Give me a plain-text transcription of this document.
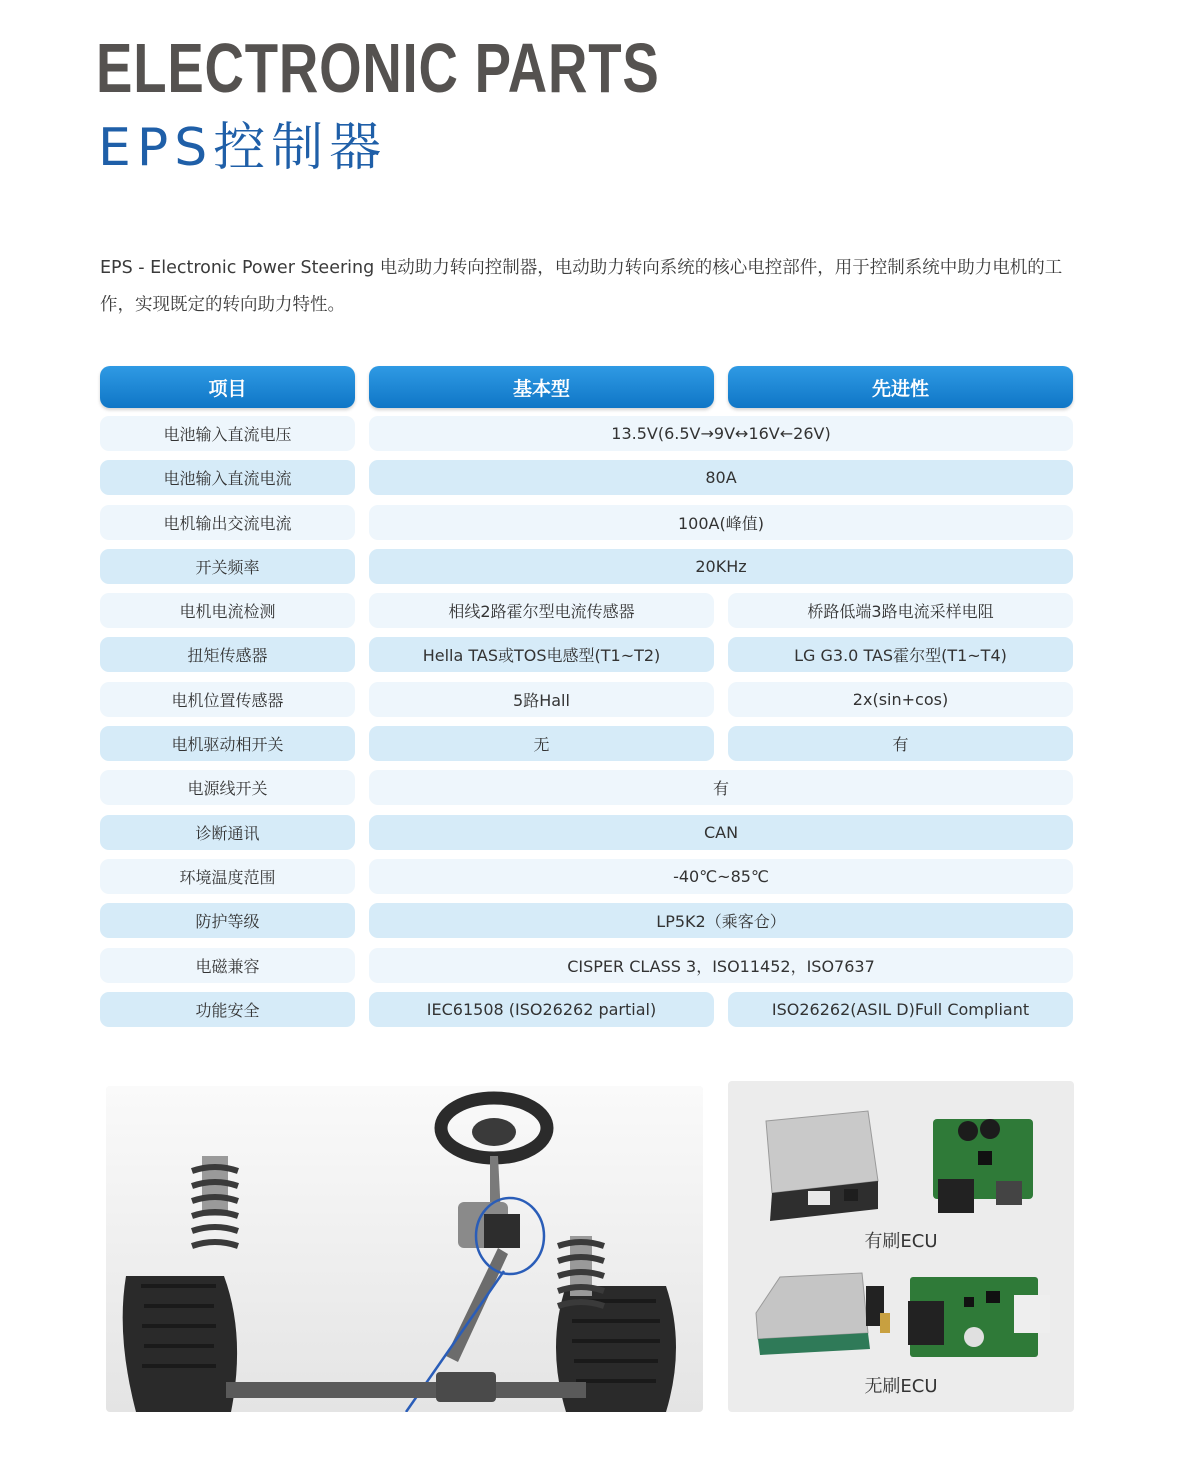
ELECTRONIC PARTS
EPS控制器

EPS - Electronic Power Steering 电动助力转向控制器，电动助力转向系统的核心电控部件，用于控制系统中助力电机的工作，实现既定的转向助力特性。

项目	基本型	先进性
电池输入直流电压	13.5V(6.5V→9V↔16V←26V)
电池输入直流电流	80A
电机输出交流电流	100A(峰值)
开关频率	20KHz
电机电流检测	相线2路霍尔型电流传感器	桥路低端3路电流采样电阻
扭矩传感器	Hella TAS或TOS电感型(T1~T2)	LG G3.0 TAS霍尔型(T1~T4)
电机位置传感器	5路Hall	2x(sin+cos)
电机驱动相开关	无	有
电源线开关	有
诊断通讯	CAN
环境温度范围	-40℃~85℃
防护等级	LP5K2（乘客仓）
电磁兼容	CISPER CLASS 3，ISO11452，ISO7637
功能安全	IEC61508 (ISO26262 partial)	ISO26262(ASIL D)Full Compliant
有刷ECU
无刷ECU
